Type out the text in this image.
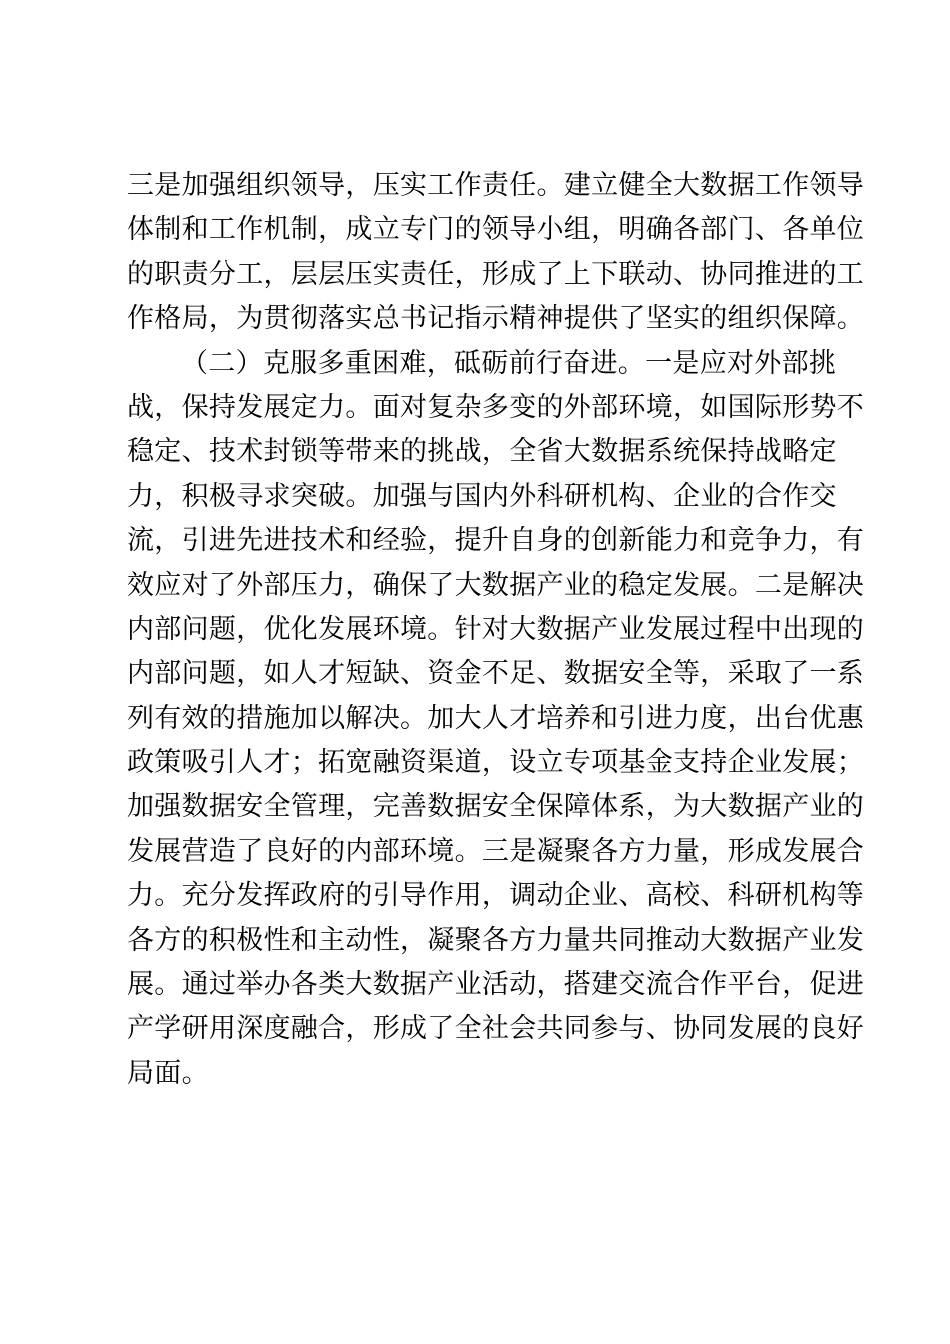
三是加强组织领导，压实工作责任。建立健全大数据工作领导
体制和工作机制，成立专门的领导小组，明确各部门、各单位
的职责分工，层层压实责任，形成了上下联动、协同推进的工
作格局，为贯彻落实总书记指示精神提供了坚实的组织保障。
（二）克服多重困难，砥砺前行奋进。一是应对外部挑
战，保持发展定力。面对复杂多变的外部环境，如国际形势不
稳定、技术封锁等带来的挑战，全省大数据系统保持战略定
力，积极寻求突破。加强与国内外科研机构、企业的合作交
流，引进先进技术和经验，提升自身的创新能力和竞争力，有
效应对了外部压力，确保了大数据产业的稳定发展。二是解决
内部问题，优化发展环境。针对大数据产业发展过程中出现的
内部问题，如人才短缺、资金不足、数据安全等，采取了一系
列有效的措施加以解决。加大人才培养和引进力度，出台优惠
政策吸引人才；拓宽融资渠道，设立专项基金支持企业发展；
加强数据安全管理，完善数据安全保障体系，为大数据产业的
发展营造了良好的内部环境。三是凝聚各方力量，形成发展合
力。充分发挥政府的引导作用，调动企业、高校、科研机构等
各方的积极性和主动性，凝聚各方力量共同推动大数据产业发
展。通过举办各类大数据产业活动，搭建交流合作平台，促进
产学研用深度融合，形成了全社会共同参与、协同发展的良好
局面。
